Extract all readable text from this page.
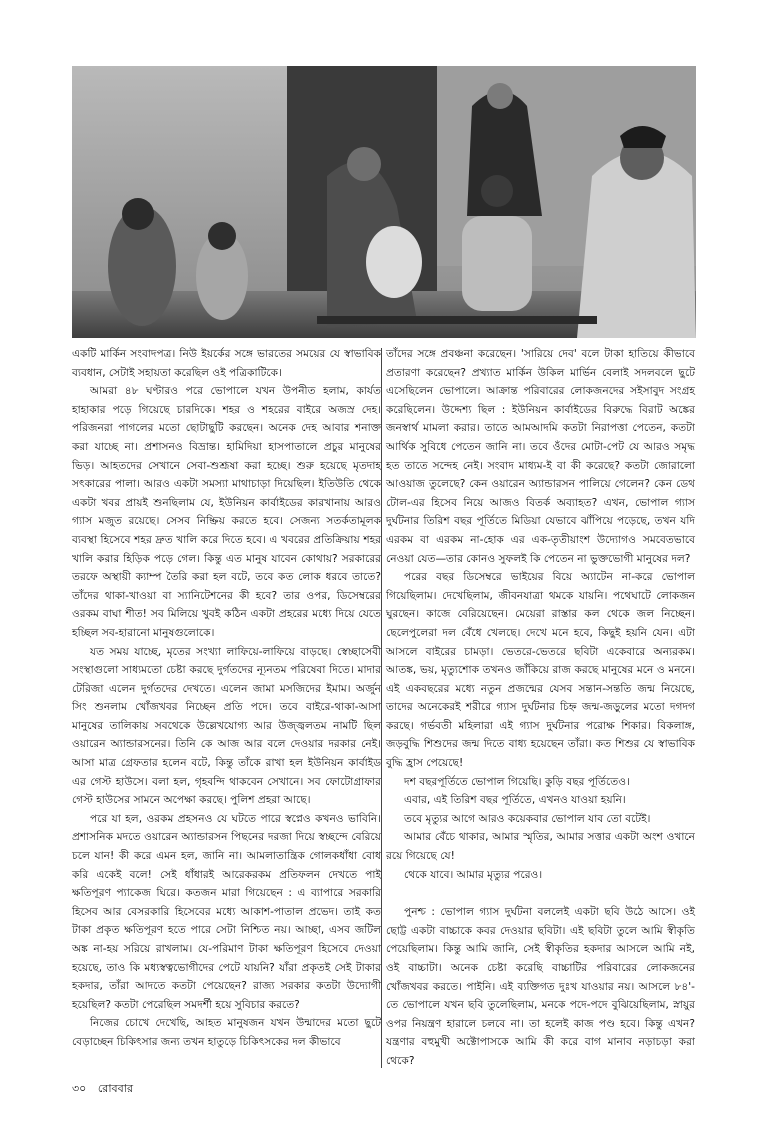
একটি মার্কিন সংবাদপত্র। নিউ ইয়র্কের সঙ্গে ভারতের সময়ের যে স্বাভাবিক ব্যবধান, সেটাই সহায়তা করেছিল ওই পত্রিকাটিকে।

আমরা ৪৮ ঘণ্টারও পরে ভোপালে যখন উপনীত হলাম, কার্যত হাহাকার পড়ে গিয়েছে চারদিকে। শহর ও শহরের বাইরে অজস্র দেহ। পরিজনরা পাগলের মতো ছোটাছুটি করছেন। অনেক দেহ আবার শনাক্ত করা যাচ্ছে না। প্রশাসনও বিভ্রান্ত। হামিদিয়া হাসপাতালে প্রচুর মানুষের ভিড়। আহতদের সেখানে সেবা-শুশ্রূষা করা হচ্ছে। শুরু হয়েছে মৃতদাহ সৎকারের পালা। আরও একটা সমস্যা মাথাচাড়া দিয়েছিল। ইতিউতি থেকে একটা খবর প্রায়ই শুনছিলাম যে, ইউনিয়ন কার্বাইডের কারখানায় আরও গ্যাস মজুত রয়েছে। সেসব নিষ্ক্রিয় করতে হবে। সেজন্য সতর্কতামূলক ব্যবস্থা হিসেবে শহর দ্রুত খালি করে দিতে হবে। এ খবরের প্রতিক্রিয়ায় শহর খালি করার হিড়িক পড়ে গেল। কিন্তু এত মানুষ যাবেন কোথায়? সরকারের তরফে অস্থায়ী ক্যাম্প তৈরি করা হল বটে, তবে কত লোক ধরবে তাতে? তাঁদের থাকা-খাওয়া বা স্যানিটেশনের কী হবে? তার ওপর, ডিসেম্বরের ওরকম বাঘা শীত! সব মিলিয়ে খুবই কঠিন একটা প্রহরের মধ্যে দিয়ে যেতে হচ্ছিল সব-হারানো মানুষগুলোকে।

যত সময় যাচ্ছে, মৃতের সংখ্যা লাফিয়ে-লাফিয়ে বাড়ছে। স্বেচ্ছাসেবী সংস্থাগুলো সাধ্যমতো চেষ্টা করছে দুর্গতদের ন্যূনতম পরিষেবা দিতে। মাদার টেরিজা এলেন দুর্গতদের দেখতে। এলেন জামা মসজিদের ইমাম। অর্জুন সিং শুনলাম খোঁজখবর নিচ্ছেন প্রতি পদে। তবে বাইরে-থাকা-আসা মানুষের তালিকায় সবথেকে উল্লেখযোগ্য আর উজ্জ্বলতম নামটি ছিল ওয়ারেন অ্যান্ডারসনের। তিনি কে আজ আর বলে দেওয়ার দরকার নেই। আসা মাত্র গ্রেফতার হলেন বটে, কিন্তু তাঁকে রাখা হল ইউনিয়ন কার্বাইড এর গেস্ট হাউসে। বলা হল, গৃহবন্দি থাকবেন সেখানে। সব ফোটোগ্রাফার গেস্ট হাউসের সামনে অপেক্ষা করছে। পুলিশ প্রহরা আছে।

পরে যা হল, ওরকম প্রহসনও যে ঘটতে পারে স্বপ্নেও কখনও ভাবিনি। প্রশাসনিক মদতে ওয়ারেন অ্যান্ডারসন পিছনের দরজা দিয়ে স্বচ্ছন্দে বেরিয়ে চলে যান! কী করে এমন হল, জানি না। আমলাতান্ত্রিক গোলকধাঁধা বোধ করি একেই বলে! সেই ধাঁধারই আরেকরকম প্রতিফলন দেখতে পাই ক্ষতিপূরণ প্যাকেজ ঘিরে। কতজন মারা গিয়েছেন : এ ব্যাপারে সরকারি হিসেব আর বেসরকারি হিসেবের মধ্যে আকাশ-পাতাল প্রভেদ। তাই কত টাকা প্রকৃত ক্ষতিপূরণ হতে পারে সেটা নিশ্চিত নয়। আচ্ছা, এসব জটিল অঙ্ক না-হয় সরিয়ে রাখলাম। যে-পরিমাণ টাকা ক্ষতিপূরণ হিসেবে দেওয়া হয়েছে, তাও কি মধ্যস্বত্বভোগীদের পেটে যায়নি? যাঁরা প্রকৃতই সেই টাকার হকদার, তাঁরা আদতে কতটা পেয়েছেন? রাজ্য সরকার কতটা উদ্যোগী হয়েছিল? কতটা পেরেছিল সমদর্শী হয়ে সুবিচার করতে?

নিজের চোখে দেখেছি, আহত মানুষজন যখন উন্মাদের মতো ছুটে বেড়াচ্ছেন চিকিৎসার জন্য তখন হাতুড়ে চিকিৎসকের দল কীভাবে

তাঁদের সঙ্গে প্রবঞ্চনা করেছেন। 'সারিয়ে দেব' বলে টাকা হাতিয়ে কীভাবে প্রতারণা করেছেন? প্রখ্যাত মার্কিন উকিল মার্ভিন বেলাই সদলবলে ছুটে এসেছিলেন ভোপালে। আক্রান্ত পরিবারের লোকজনদের সইসাবুদ সংগ্রহ করেছিলেন। উদ্দেশ্য ছিল : ইউনিয়ন কার্বাইডের বিরুদ্ধে বিরাট অঙ্কের জনস্বার্থ মামলা করার। তাতে আমআদমি কতটা নিরাপত্তা পেতেন, কতটা আর্থিক সুবিধে পেতেন জানি না। তবে ওঁদের মোটা-পেট যে আরও সমৃদ্ধ হত তাতে সন্দেহ নেই। সংবাদ মাধ্যম-ই বা কী করেছে? কতটা জোরালো আওয়াজ তুলেছে? কেন ওয়ারেন অ্যান্ডারসন পালিয়ে গেলেন? কেন ডেথ টোল-এর হিসেব নিয়ে আজও বিতর্ক অব্যাহত? এখন, ভোপাল গ্যাস দুর্ঘটনার তিরিশ বছর পূর্তিতে মিডিয়া যেভাবে ঝাঁপিয়ে পড়েছে, তখন যদি এরকম বা এরকম না-হোক এর এক-তৃতীয়াংশ উদ্যোগও সমবেতভাবে নেওয়া যেত—তার কোনও সুফলই কি পেতেন না ভুক্তভোগী মানুষের দল?

পরের বছর ডিসেম্বরে ভাইয়ের বিয়ে অ্যাটেন না-করে ভোপাল গিয়েছিলাম। দেখেছিলাম, জীবনযাত্রা থমকে যায়নি। পথেঘাটে লোকজন ঘুরছেন। কাজে বেরিয়েছেন। মেয়েরা রাস্তার কল থেকে জল নিচ্ছেন। ছেলেপুলেরা দল বেঁধে খেলছে। দেখে মনে হবে, কিছুই হয়নি যেন। এটা আসলে বাইরের চামড়া। ভেতরে-ভেতরে ছবিটা একেবারে অন্যরকম। আতঙ্ক, ভয়, মৃত্যুশোক তখনও জাঁকিয়ে রাজ করছে মানুষের মনে ও মননে। এই একবছরের মধ্যে নতুন প্রজন্মের যেসব সন্তান-সন্ততি জন্ম নিয়েছে, তাদের অনেকেরই শরীরে গ্যাস দুর্ঘটনার চিহ্ন জন্ম-জড়ুলের মতো দগদগ করছে। গর্ভবতী মহিলারা এই গ্যাস দুর্ঘটনার পরোক্ষ শিকার। বিকলাঙ্গ, জড়বুদ্ধি শিশুদের জন্ম দিতে বাধ্য হয়েছেন তাঁরা। কত শিশুর যে স্বাভাবিক বুদ্ধি হ্রাস পেয়েছে!

দশ বছরপূর্তিতে ভোপাল গিয়েছি। কুড়ি বছর পূর্তিতেও।

এবার, এই তিরিশ বছর পূর্তিতে, এখনও যাওয়া হয়নি।

তবে মৃত্যুর আগে আরও কয়েকবার ভোপাল যাব তো বটেই।

আমার বেঁচে থাকার, আমার স্মৃতির, আমার সত্তার একটা অংশ ওখানে রয়ে গিয়েছে যে!

থেকে যাবে। আমার মৃত্যুর পরেও।

পুনশ্চ : ভোপাল গ্যাস দুর্ঘটনা বললেই একটা ছবি উঠে আসে। ওই ছোট্ট একটা বাচ্চাকে কবর দেওয়ার ছবিটা। এই ছবিটা তুলে আমি স্বীকৃতি পেয়েছিলাম। কিন্তু আমি জানি, সেই স্বীকৃতির হকদার আসলে আমি নই, ওই বাচ্চাটা। অনেক চেষ্টা করেছি বাচ্চাটির পরিবারের লোকজনের খোঁজখবর করতে। পাইনি। এই ব্যক্তিগত দুঃখ যাওয়ার নয়। আসলে ৮৪'-তে ভোপালে যখন ছবি তুলেছিলাম, মনকে পদে-পদে বুঝিয়েছিলাম, স্নায়ুর ওপর নিয়ন্ত্রণ হারালে চলবে না। তা হলেই কাজ পণ্ড হবে। কিন্তু এখন? যন্ত্রণার বহুমুখী অক্টোপাসকে আমি কী করে বাগ মানাব নড়াচড়া করা থেকে?

৩০ রোববার
